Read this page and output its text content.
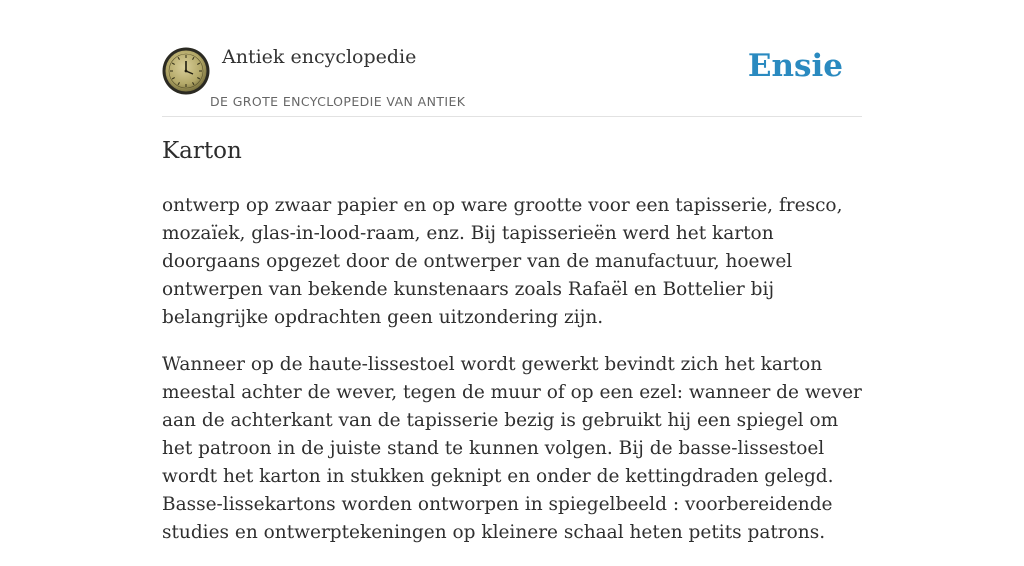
Antiek encyclopedie
DE GROTE ENCYCLOPEDIE VAN ANTIEK
Ensie
Karton

ontwerp op zwaar papier en op ware grootte voor een tapisserie, fresco, mozaïek, glas-in-lood-raam, enz. Bij tapisserieën werd het karton doorgaans opgezet door de ontwerper van de manufactuur, hoewel ontwerpen van bekende kunstenaars zoals Rafaël en Bottelier bij belangrijke opdrachten geen uitzondering zijn.

Wanneer op de haute-lissestoel wordt gewerkt bevindt zich het karton meestal achter de wever, tegen de muur of op een ezel: wanneer de wever aan de achterkant van de tapisserie bezig is gebruikt hij een spiegel om het patroon in de juiste stand te kunnen volgen. Bij de basse-lissestoel wordt het karton in stukken geknipt en onder de kettingdraden gelegd. Basse-lissekartons worden ontworpen in spiegelbeeld : voorbereidende studies en ontwerptekeningen op kleinere schaal heten petits patrons.
